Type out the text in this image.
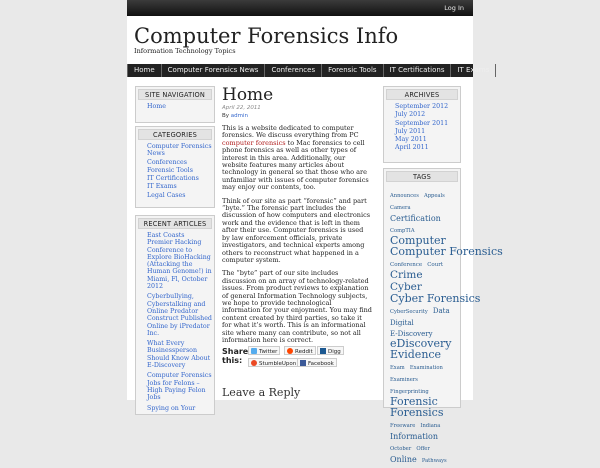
Log In
Computer Forensics Info
Information Technology Topics
Home	Computer Forensics News	Conferences	Forensic Tools	IT Certifications	IT Exams
SITE NAVIGATION
Home
CATEGORIES
Computer Forensics News
Conferences
Forensic Tools
IT Certifications
IT Exams
Legal Cases
RECENT ARTICLES
East Coasts Premier Hacking Conference to Explore BioHacking (Attacking the Human Genome!) in Miami, Fl, October 2012
Cyberbullying, Cyberstalking and Online Predator Construct Published Online by iPredator Inc.
What Every Businessperson Should Know About E-Discovery
Computer Forensics Jobs for Felons – High Paying Felon Jobs
Spying on Your
Home
April 22, 2011
By admin

This is a website dedicated to computer forensics. We discuss everything from PC computer forensics to Mac forensics to cell phone forensics as well as other types of interest in this area. Additionally, our website features many articles about technology in general so that those who are unfamiliar with issues of computer forensics may enjoy our contents, too.

Think of our site as part “forensic” and part “byte.” The forensic part includes the discussion of how computers and electronics work and the evidence that is left in them after their use. Computer forensics is used by law enforcement officials, private investigators, and technical experts among others to reconstruct what happened in a computer system.

The “byte” part of our site includes discussion on an array of technology-related issues. From product reviews to explanation of general Information Technology subjects, we hope to provide technological information for your enjoyment. You may find content created by third parties, so take it for what it’s worth. This is an informational site where many can contribute, so not all information here is correct.

Share this:
Twitter	Reddit	Digg
StumbleUpon	Facebook
Leave a Reply
ARCHIVES
September 2012
July 2012
September 2011
July 2011
May 2011
April 2011
TAGS
Announces Appeals Camera Certification CompTIA Computer Computer Forensics Conference Court Crime Cyber Cyber Forensics CyberSecurity Data Digital E-Discovery eDiscovery Evidence Exam Examination Examiners Fingerprinting Forensic Forensics Freeware Indiana Information October Offer Online Pathways
